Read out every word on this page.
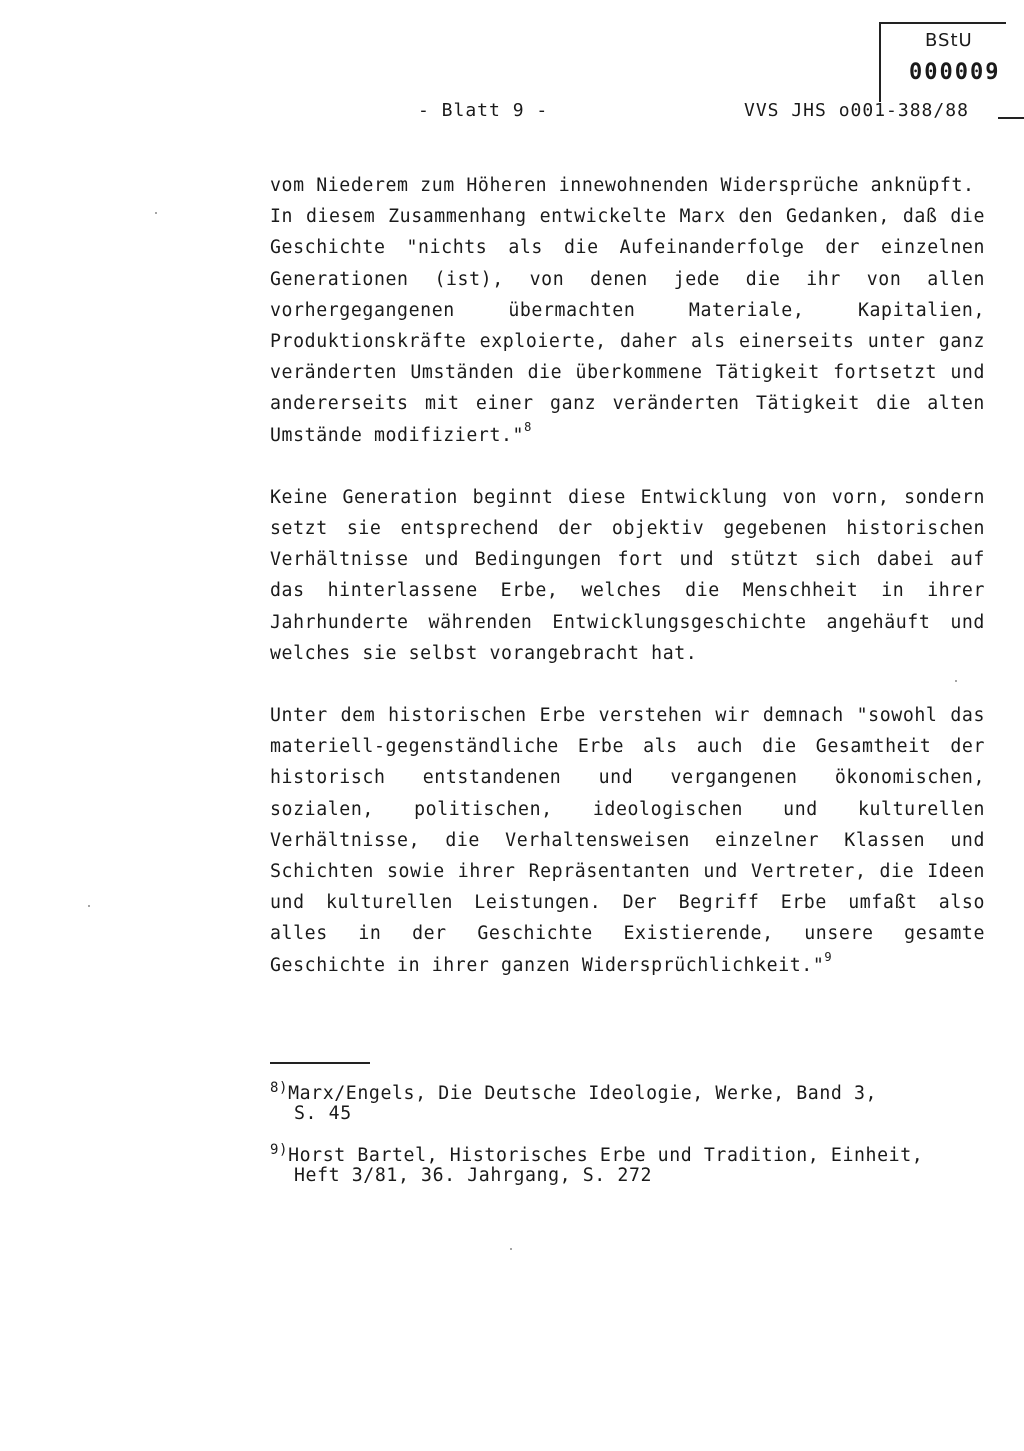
BStU
000009
- Blatt 9 -	VVS JHS o001-388/88

vom Niederem zum Höheren innewohnenden Widersprüche anknüpft.
In diesem Zusammenhang entwickelte Marx den Gedanken, daß die Geschichte "nichts als die Aufeinanderfolge der einzelnen Generationen (ist), von denen jede die ihr von allen vorhergegangenen übermachten Materiale, Kapitalien, Produktionskräfte exploierte, daher als einerseits unter ganz veränderten Umständen die überkommene Tätigkeit fortsetzt und andererseits mit einer ganz veränderten Tätigkeit die alten Umstände modifiziert."$^8$

Keine Generation beginnt diese Entwicklung von vorn, sondern setzt sie entsprechend der objektiv gegebenen historischen Verhältnisse und Bedingungen fort und stützt sich dabei auf das hinterlassene Erbe, welches die Menschheit in ihrer Jahrhunderte währenden Entwicklungsgeschichte angehäuft und welches sie selbst vorangebracht hat.

Unter dem historischen Erbe verstehen wir demnach "sowohl das materiell-gegenständliche Erbe als auch die Gesamtheit der historisch entstandenen und vergangenen ökonomischen, sozialen, politischen, ideologischen und kulturellen Verhältnisse, die Verhaltensweisen einzelner Klassen und Schichten sowie ihrer Repräsentanten und Vertreter, die Ideen und kulturellen Leistungen. Der Begriff Erbe umfaßt also alles in der Geschichte Existierende, unsere gesamte Geschichte in ihrer ganzen Widersprüchlichkeit."$^9$

$^{8)}$Marx/Engels, Die Deutsche Ideologie, Werke, Band 3,
S. 45
$^{9)}$Horst Bartel, Historisches Erbe und Tradition, Einheit,
Heft 3/81, 36. Jahrgang, S. 272
